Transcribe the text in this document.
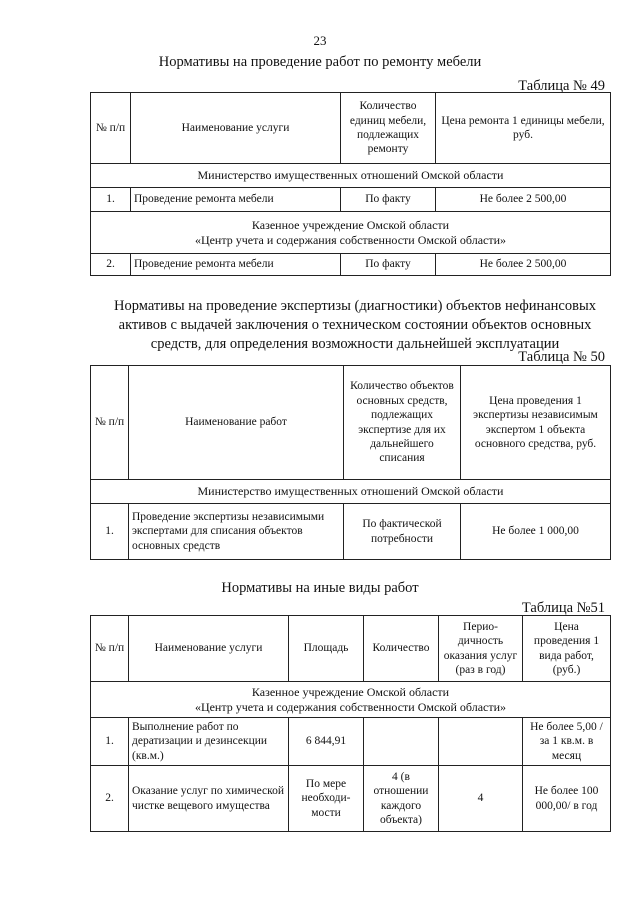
23
Нормативы на проведение работ по ремонту мебели
Таблица № 49
№ п/п	Наименование услуги	Количество единиц мебели, подлежащих ремонту	Цена ремонта 1 единицы мебели, руб.
Министерство имущественных отношений Омской области			
1.	Проведение ремонта мебели	По факту	Не более 2 500,00

Казенное учреждение Омской области
«Центр учета и содержания собственности Омской области»			

2.	Проведение ремонта мебели	По факту	Не более 2 500,00
Нормативы на проведение экспертизы (диагностики) объектов нефинансовых
активов с выдачей заключения о техническом состоянии объектов основных
средств, для определения возможности дальнейшей эксплуатации
Таблица № 50
№ п/п	Наименование работ	Количество объектов основных средств, подлежащих экспертизе для их дальнейшего списания	Цена проведения 1 экспертизы независимым экспертом 1 объекта основного средства, руб.
Министерство имущественных отношений Омской области			
1.	Проведение экспертизы независимыми экспертами для списания объектов основных средств	По фактической потребности	Не более 1 000,00
Нормативы на иные виды работ
Таблица №51
№ п/п	Наименование услуги	Площадь	Количество	Перио-дичность оказания услуг (раз в год)	Цена проведения 1 вида работ, (руб.)

Казенное учреждение Омской области
«Центр учета и содержания собственности Омской области»					

1.	Выполнение работ по дератизации и дезинсекции (кв.м.)	6 844,91			Не более 5,00 / за 1 кв.м. в месяц
2.	Оказание услуг по химической чистке вещевого имущества	По мере необходи-мости	4 (в отношении каждого объекта)	4	Не более 100 000,00/ в год
